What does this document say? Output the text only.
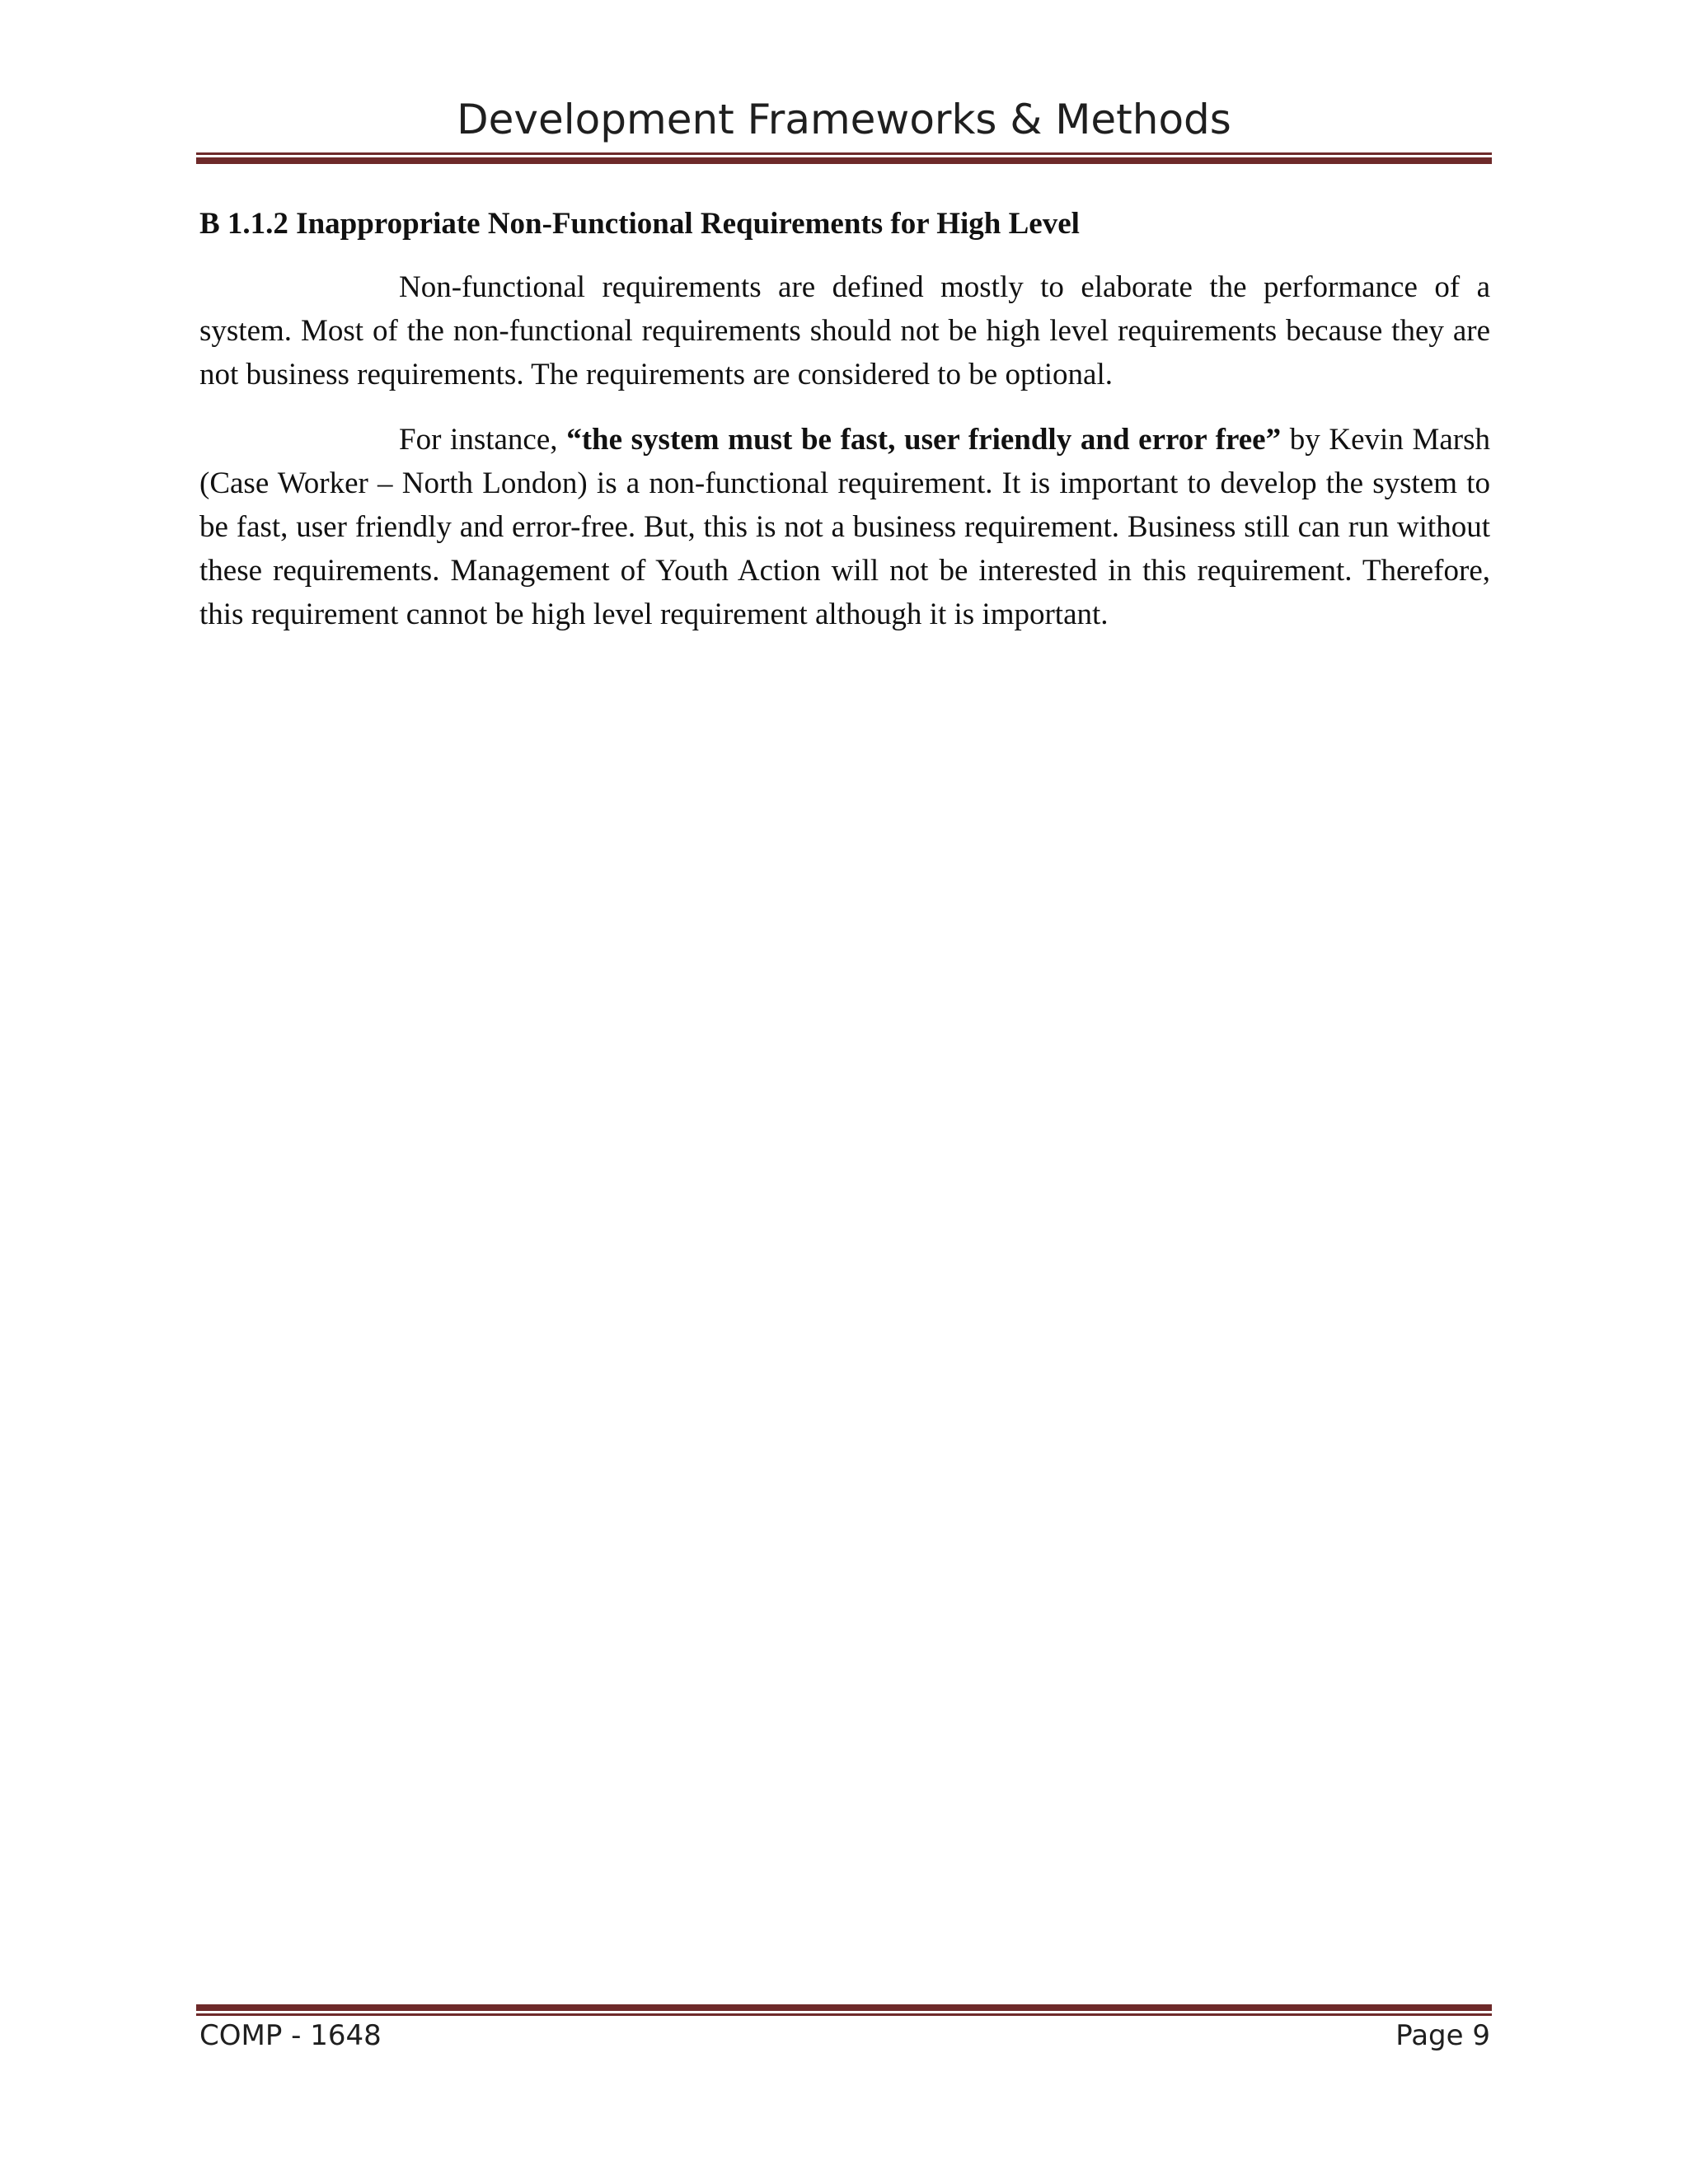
Development Frameworks & Methods
B 1.1.2 Inappropriate Non-Functional Requirements for High Level

Non-functional requirements are defined mostly to elaborate the performance of a system. Most of the non-functional requirements should not be high level requirements because they are not business requirements. The requirements are considered to be optional.

For instance, “the system must be fast, user friendly and error free” by Kevin Marsh (Case Worker – North London) is a non-functional requirement. It is important to develop the system to be fast, user friendly and error-free. But, this is not a business requirement. Business still can run without these requirements. Management of Youth Action will not be interested in this requirement. Therefore, this requirement cannot be high level requirement although it is important.

COMP - 1648	Page 9
